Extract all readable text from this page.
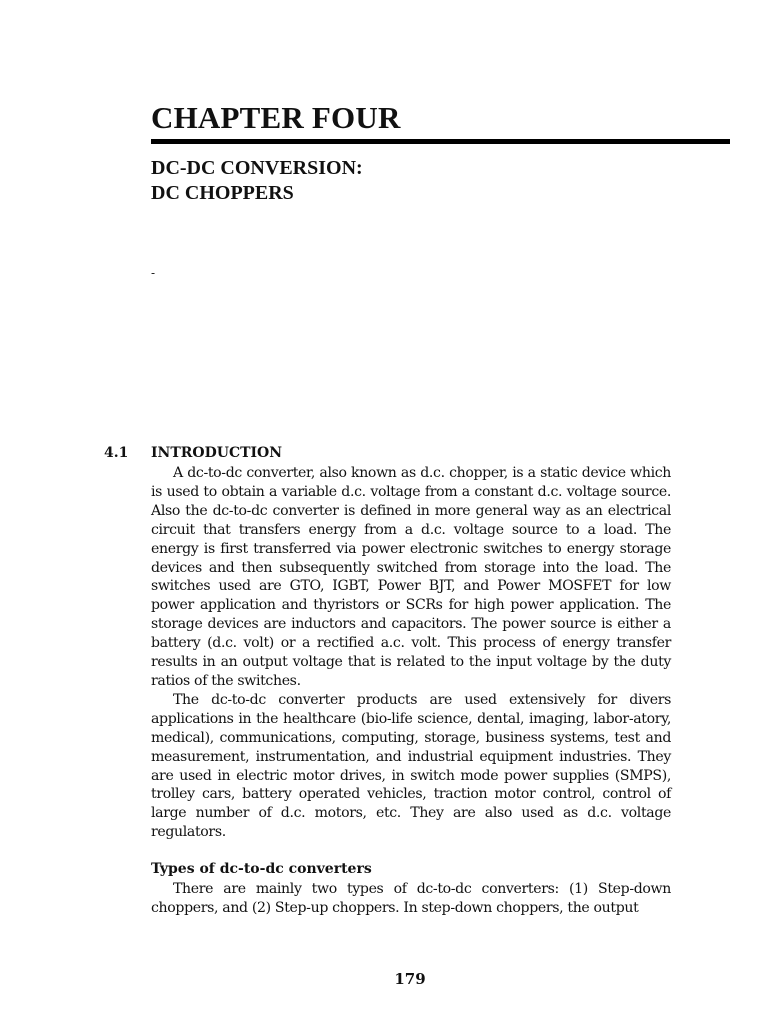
CHAPTER FOUR
DC-DC CONVERSION:
DC CHOPPERS
-
4.1 INTRODUCTION

A dc-to-dc converter, also known as d.c. chopper, is a static device which is used to obtain a variable d.c. voltage from a constant d.c. voltage source. Also the dc-to-dc converter is defined in more general way as an electrical circuit that transfers energy from a d.c. voltage source to a load. The energy is first transferred via power electronic switches to energy storage devices and then subsequently switched from storage into the load. The switches used are GTO, IGBT, Power BJT, and Power MOSFET for low power application and thyristors or SCRs for high power application. The storage devices are inductors and capacitors. The power source is either a battery (d.c. volt) or a rectified a.c. volt. This process of energy transfer results in an output voltage that is related to the input voltage by the duty ratios of the switches.

The dc-to-dc converter products are used extensively for divers applications in the healthcare (bio-life science, dental, imaging, labor-atory, medical), communications, computing, storage, business systems, test and measurement, instrumentation, and industrial equipment industries. They are used in electric motor drives, in switch mode power supplies (SMPS), trolley cars, battery operated vehicles, traction motor control, control of large number of d.c. motors, etc. They are also used as d.c. voltage regulators.

Types of dc-to-dc converters

There are mainly two types of dc-to-dc converters: (1) Step-down choppers, and (2) Step-up choppers. In step-down choppers, the output

179
